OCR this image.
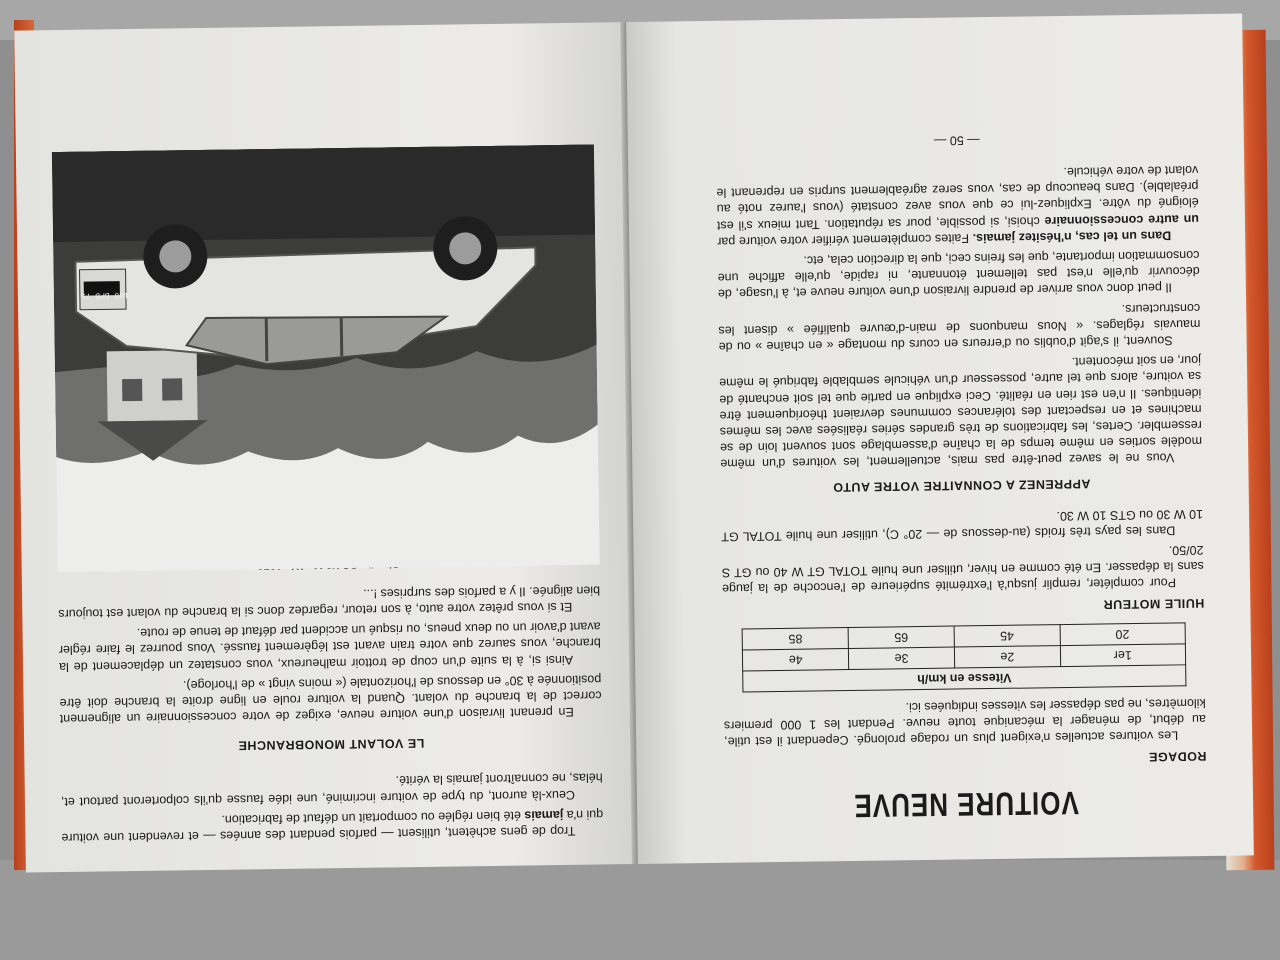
Trop de gens achètent, utilisent — parfois pendant des années — et revendent une voiture qui n'a jamais été bien réglée ou comportait un défaut de fabrication.

Ceux-là auront, du type de voiture incriminé, une idée fausse qu'ils colporteront partout et, hélas, ne connaîtront jamais la vérité.

LE VOLANT MONOBRANCHE

En prenant livraison d'une voiture neuve, exigez de votre concessionnaire un alignement correct de la branche du volant. Quand la voiture roule en ligne droite la branche doit être positionnée à 30° en dessous de l'horizontale (« moins vingt » de l'horloge).

Ainsi si, à la suite d'un coup de trottoir malheureux, vous constatez un déplacement de la branche, vous saurez que votre train avant est légèrement faussé. Vous pourrez le faire régler avant d'avoir un ou deux pneus, ou risqué un accident par défaut de tenue de route.

Et si vous prêtez votre auto, à son retour, regardez donc si la branche du volant est toujours bien alignée. Il y a parfois des surprises !...

180 BPB 75
VOITURE NEUVE
RODAGE

Les voitures actuelles n'exigent plus un rodage prolongé. Cependant il est utile, au début, de ménager la mécanique toute neuve. Pendant les 1 000 premiers kilomètres, ne pas dépasser les vitesses indiquées ici.

Vitesse en km/h			
1er	2e	3e	4e
20	45	65	85
HUILE MOTEUR

Pour compléter, remplir jusqu'à l'extrémité supérieure de l'encoche de la jauge sans la dépasser. En été comme en hiver, utiliser une huile TOTAL GT W 40 ou GT S 20/50.

Dans les pays très froids (au-dessous de — 20° C), utiliser une huile TOTAL GT 10 W 30 ou GTS 10 W 30.

APPRENEZ A CONNAITRE VOTRE AUTO

Vous ne le savez peut-être pas mais, actuellement, les voitures d'un même modèle sorties en même temps de la chaîne d'assemblage sont souvent loin de se ressembler. Certes, les fabrications de très grandes séries réalisées avec les mêmes machines et en respectant des tolérances communes devraient théoriquement être identiques. Il n'en est rien en réalité. Ceci explique en partie que tel soit enchanté de sa voiture, alors que tel autre, possesseur d'un véhicule semblable fabriqué le même jour, en soit mécontent.

Souvent, il s'agit d'oublis ou d'erreurs en cours du montage « en chaîne » ou de mauvais réglages. « Nous manquons de main-d'œuvre qualifiée » disent les constructeurs.

Il peut donc vous arriver de prendre livraison d'une voiture neuve et, à l'usage, de découvrir qu'elle n'est pas tellement étonnante, ni rapide, qu'elle affiche une consommation importante, que les freins ceci, que la direction cela, etc.

Dans un tel cas, n'hésitez jamais. Faites complètement vérifier votre voiture par un autre concessionnaire choisi, si possible, pour sa réputation. Tant mieux s'il est éloigné du vôtre. Expliquez-lui ce que vous avez constaté (vous l'aurez noté au préalable). Dans beaucoup de cas, vous serez agréablement surpris en reprenant le volant de votre véhicule.

— 50 —
